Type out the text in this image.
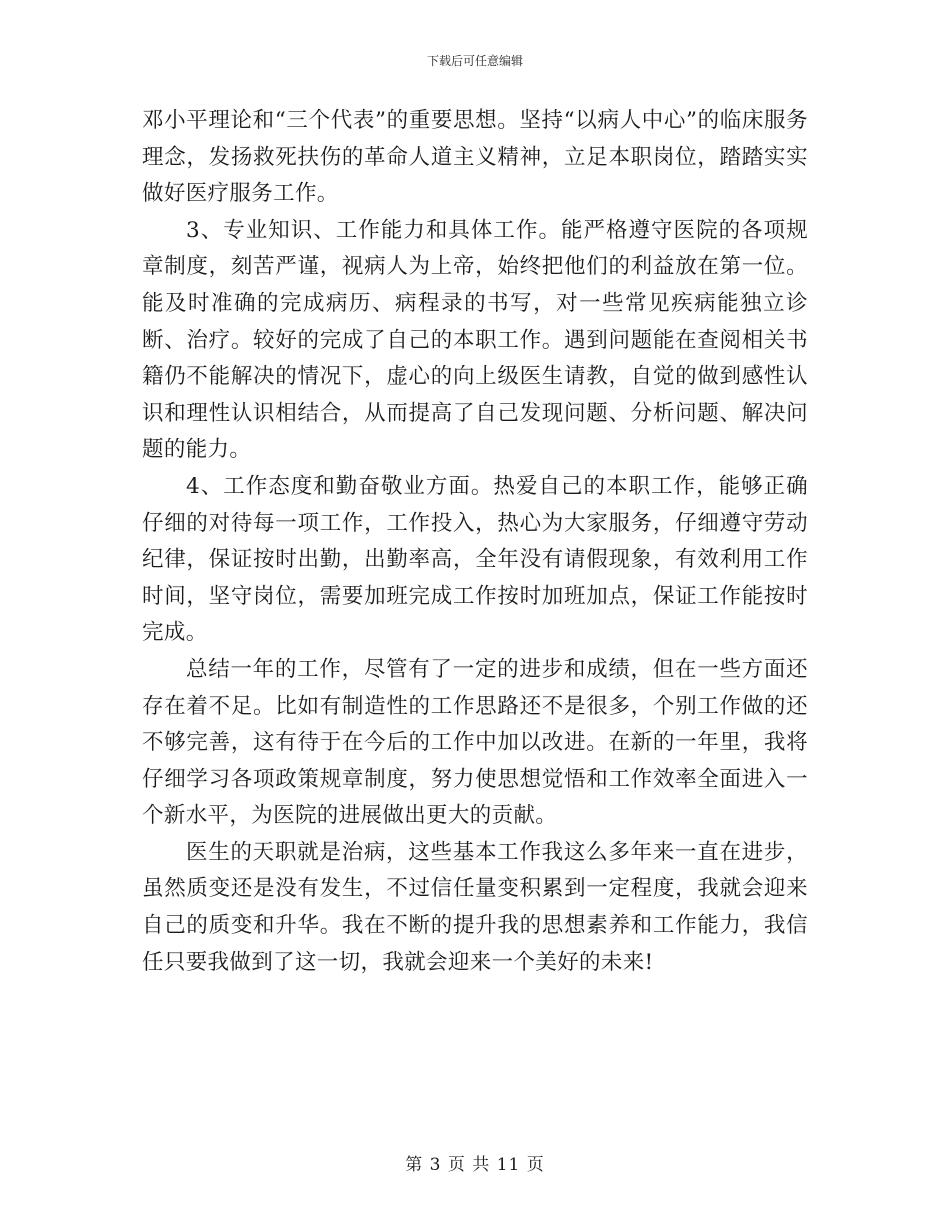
下载后可任意编辑

邓小平理论和“三个代表”的重要思想。坚持“以病人中心”的临床服务理念，发扬救死扶伤的革命人道主义精神，立足本职岗位，踏踏实实做好医疗服务工作。

3、专业知识、工作能力和具体工作。能严格遵守医院的各项规章制度，刻苦严谨，视病人为上帝，始终把他们的利益放在第一位。能及时准确的完成病历、病程录的书写，对一些常见疾病能独立诊断、治疗。较好的完成了自己的本职工作。遇到问题能在查阅相关书籍仍不能解决的情况下，虚心的向上级医生请教，自觉的做到感性认识和理性认识相结合，从而提高了自己发现问题、分析问题、解决问题的能力。

4、工作态度和勤奋敬业方面。热爱自己的本职工作，能够正确仔细的对待每一项工作，工作投入，热心为大家服务，仔细遵守劳动纪律，保证按时出勤，出勤率高，全年没有请假现象，有效利用工作时间，坚守岗位，需要加班完成工作按时加班加点，保证工作能按时完成。

总结一年的工作，尽管有了一定的进步和成绩，但在一些方面还存在着不足。比如有制造性的工作思路还不是很多，个别工作做的还不够完善，这有待于在今后的工作中加以改进。在新的一年里，我将仔细学习各项政策规章制度，努力使思想觉悟和工作效率全面进入一个新水平，为医院的进展做出更大的贡献。

医生的天职就是治病，这些基本工作我这么多年来一直在进步，虽然质变还是没有发生，不过信任量变积累到一定程度，我就会迎来自己的质变和升华。我在不断的提升我的思想素养和工作能力，我信任只要我做到了这一切，我就会迎来一个美好的未来!

第 3 页 共 11 页
